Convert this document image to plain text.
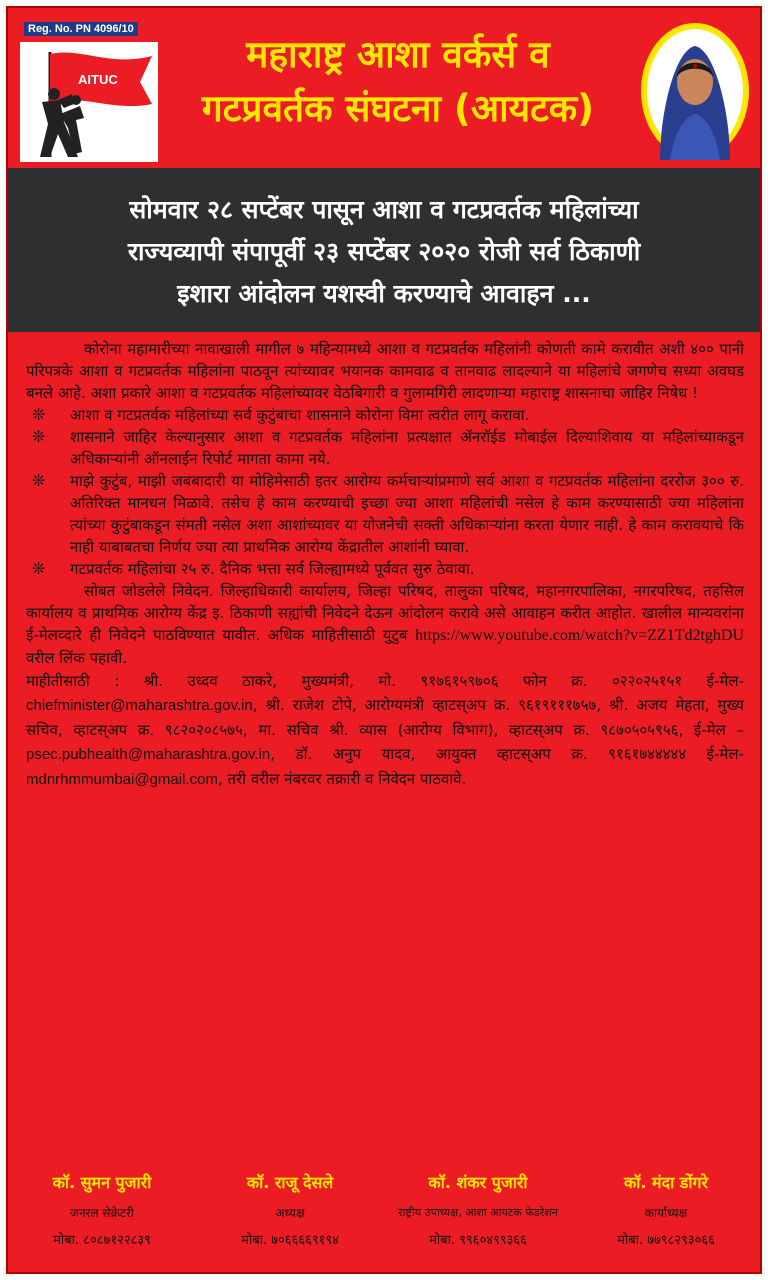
Reg. No. PN 4096/10
AITUC
महाराष्ट्र आशा वर्कर्स व
गटप्रवर्तक संघटना (आयटक)
सोमवार २८ सप्टेंबर पासून आशा व गटप्रवर्तक महिलांच्या
राज्यव्यापी संपापूर्वी २३ सप्टेंबर २०२० रोजी सर्व ठिकाणी
इशारा आंदोलन यशस्वी करण्याचे आवाहन ...

कोरोना महामारीच्या नावाखाली मागील ७ महिन्यामध्ये आशा व गटप्रवर्तक महिलांनी कोणती कामे करावीत अशी ४०० पानी परिपत्रके आशा व गटप्रवर्तक महिलांना पाठवून त्यांच्यावर भयानक कामवाढ व तानवाढ लादल्याने या महिलांचे जगणेच सध्या अवघड बनले आहे. अशा प्रकारे आशा व गटप्रवर्तक महिलांच्यावर वेठबिगारी व गुलामगिरी लादणाऱ्या महाराष्ट्र शासनाचा जाहिर निषेध !

❊ आशा व गटप्रतर्वक महिलांच्या सर्व कुटुंबाचा शासनाने कोरोना विमा त्वरीत लागू करावा.
❊ शासनाने जाहिर केल्यानुसार आशा व गटप्रवर्तक महिलांना प्रत्यक्षात ॲनरॉईड मोबाईल दिल्याशिवाय या महिलांच्याकडून अधिकाऱ्यांनी ऑनलाईन रिपोर्ट मागता कामा नये.
❊ माझे कुटुंब, माझी जबबादारी या मोहिमेसाठी इतर आरोग्य कर्मचाऱ्यांप्रमाणे सर्व आशा व गटप्रवर्तक महिलांना दररोज ३०० रु. अतिरिक्त मानधन मिळावे. तसेच हे काम करण्याची इच्छा ज्या आशा महिलांची नसेल हे काम करण्यासाठी ज्या महिलांना त्यांच्या कुटुंबाकडून संमती नसेल अशा आशांच्यावर या योजनेची सक्ती अधिकाऱ्यांना करता येणार नाही. हे काम करावयाचे कि नाही याबाबतचा निर्णय ज्या त्या प्राथमिक आरोग्य केंद्रातील आशांनी घ्यावा.
❊ गटप्रवर्तक महिलांचा २५ रु. दैनिक भत्ता सर्व जिल्ह्यामध्ये पूर्ववत सुरु ठेवावा.

सोबत जोडलेले निवेदन. जिल्हाधिकारी कार्यालय, जिल्हा परिषद, तालुका परिषद, महानगरपालिका, नगरपरिषद, तहसिल कार्यालय व प्राथमिक आरोग्य केंद्र इ. ठिकाणी सह्यांची निवेदने देऊन आंदोलन करावे असे आवाहन करीत आहोत. खालील मान्यवरांना ई-मेलव्दारे ही निवेदने पाठविण्यात यावीत. अधिक माहितीसाठी युटुब https://www.youtube.com/watch?v=ZZ1Td2tghDU वरील लिंक पहावी.

माहीतीसाठी : श्री. उध्दव ठाकरे, मुख्यमंत्री, मो. ९१७६१५९७०६ फोन क्र. ०२२०२५१५१ ई-मेल- chiefminister@maharashtra.gov.in, श्री. राजेश टोपे, आरोग्यमंत्री व्हाटस्अप क्र. ९६१९१११७५७, श्री. अजय मेहता, मुख्य सचिव, व्हाटस्अप क्र. ९८२०२०८५७५, मा. सचिव श्री. व्यास (आरोग्य विभाग), व्हाटस्अप क्र. ९८७०५०५९५६, ई-मेल – psec.pubhealth@maharashtra.gov.in, डॉ. अनुप यादव, आयुक्त व्हाटस्अप क्र. ९१६१७४४४४४ ई-मेल- mdnrhmmumbai@gmail.com, तरी वरील नंबरवर तक्रारी व निवेदन पाठवावे.

कॉ. सुमन पुजारी
जनरल सेक्रेटरी
मोबा. ८०८७१२२८३९
कॉ. राजू देसले
अध्यक्ष
मोबा. ७०६६६६९१९४
कॉ. शंकर पुजारी
राष्ट्रीय उपाध्यक्ष, आशा आयटक फेडरेशन
मोबा. ९९६०४९९३६६
कॉ. मंदा डोंगरे
कार्याध्यक्ष
मोबा. ७७९८२९३०६६
